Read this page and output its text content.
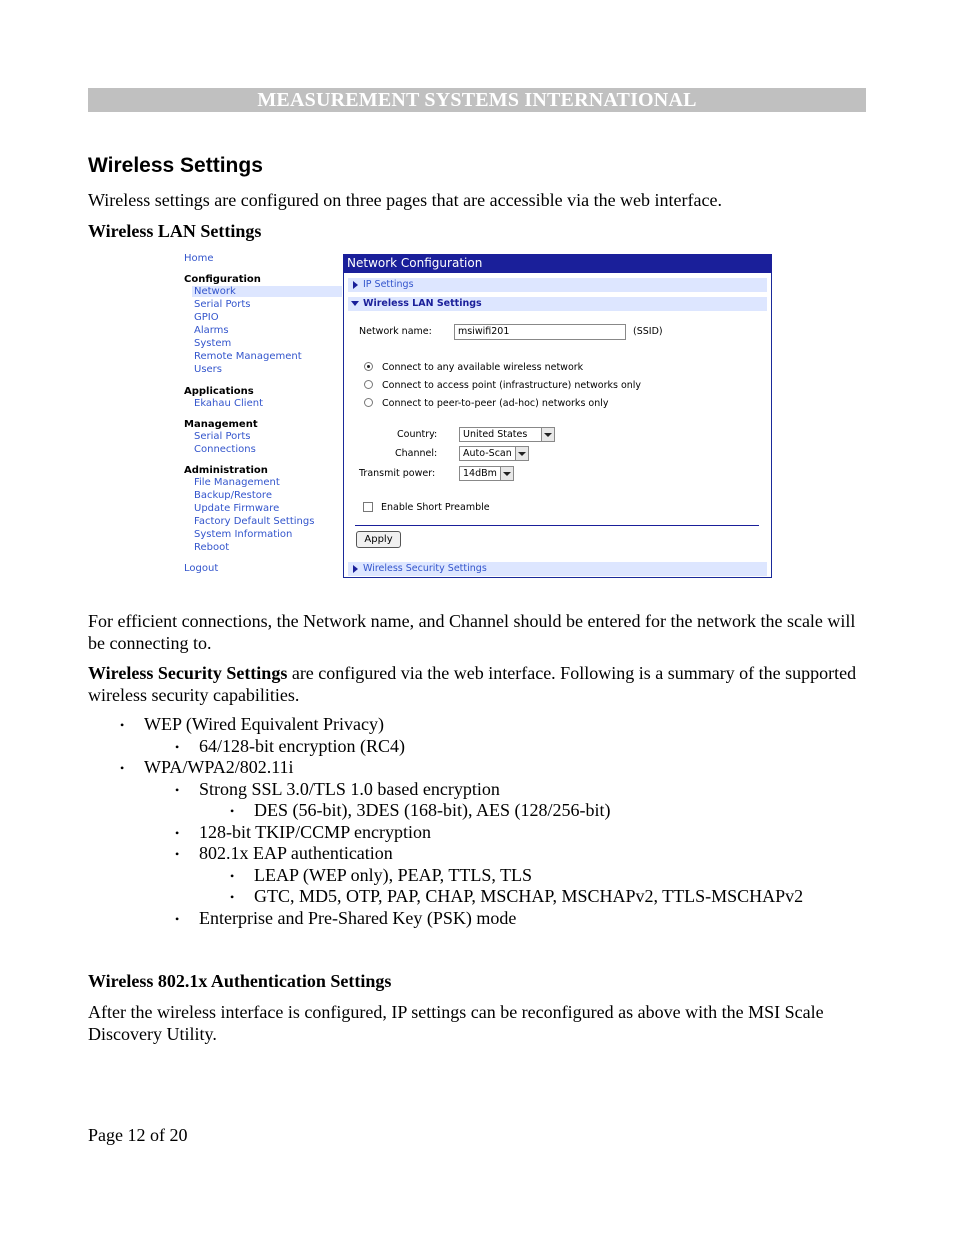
MEASUREMENT SYSTEMS INTERNATIONAL
Wireless Settings
Wireless settings are configured on three pages that are accessible via the web interface.
Wireless LAN Settings
Home
Configuration
Network
Serial Ports
GPIO
Alarms
System
Remote Management
Users
Applications
Ekahau Client
Management
Serial Ports
Connections
Administration
File Management
Backup/Restore
Update Firmware
Factory Default Settings
System Information
Reboot
Logout
Network Configuration
IP Settings
Wireless LAN Settings
Network name:	msiwifi201	(SSID)
Connect to any available wireless network
Connect to access point (infrastructure) networks only
Connect to peer-to-peer (ad-hoc) networks only
Country:	United States
Channel:	Auto-Scan
Transmit power:	14dBm
Enable Short Preamble
Apply
Wireless Security Settings
For efficient connections, the Network name, and Channel should be entered for the network the scale will be connecting to.
Wireless Security Settings are configured via the web interface. Following is a summary of the supported wireless security capabilities.
• WEP (Wired Equivalent Privacy)
• 64/128-bit encryption (RC4)
• WPA/WPA2/802.11i
• Strong SSL 3.0/TLS 1.0 based encryption
• DES (56-bit), 3DES (168-bit), AES (128/256-bit)
• 128-bit TKIP/CCMP encryption
• 802.1x EAP authentication
• LEAP (WEP only), PEAP, TTLS, TLS
• GTC, MD5, OTP, PAP, CHAP, MSCHAP, MSCHAPv2, TTLS-MSCHAPv2
• Enterprise and Pre-Shared Key (PSK) mode
Wireless 802.1x Authentication Settings
After the wireless interface is configured, IP settings can be reconfigured as above with the MSI Scale Discovery Utility.
Page 12 of 20
